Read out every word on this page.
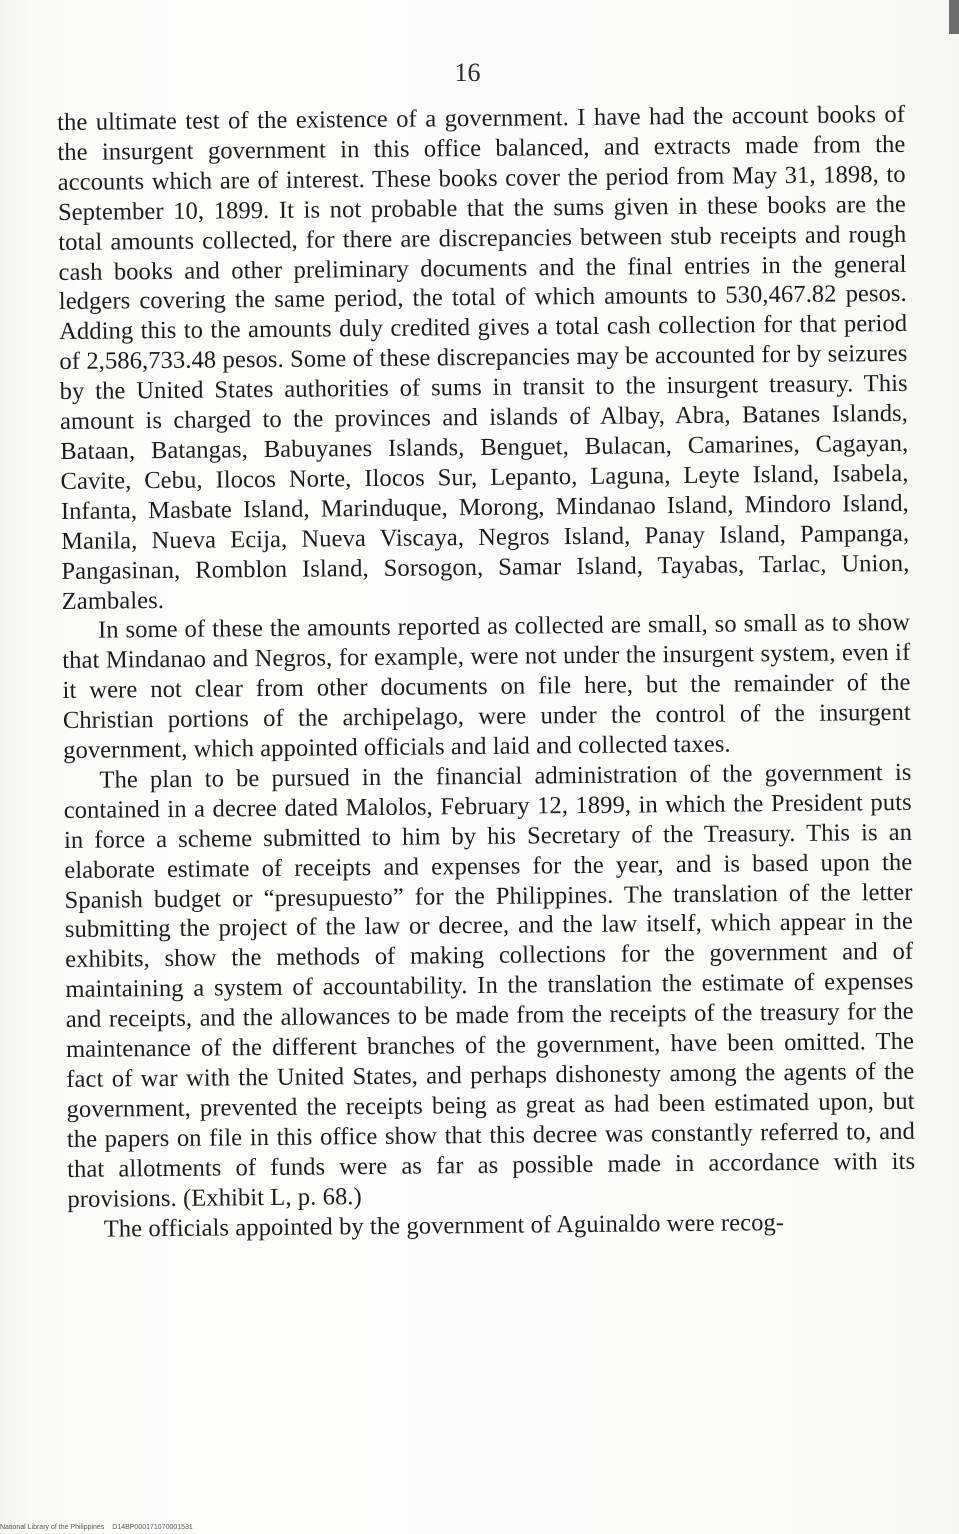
16

the ultimate test of the existence of a government. I have had the account books of the insurgent government in this office balanced, and extracts made from the accounts which are of interest. These books cover the period from May 31, 1898, to September 10, 1899. It is not probable that the sums given in these books are the total amounts collected, for there are discrepancies between stub receipts and rough cash books and other preliminary documents and the final entries in the general ledgers covering the same period, the total of which amounts to 530,467.82 pesos. Adding this to the amounts duly credited gives a total cash collection for that period of 2,586,733.48 pesos. Some of these discrepancies may be accounted for by seizures by the United States authorities of sums in transit to the insurgent treasury. This amount is charged to the provinces and islands of Albay, Abra, Batanes Islands, Bataan, Batangas, Babuyanes Islands, Benguet, Bulacan, Camarines, Cagayan, Cavite, Cebu, Ilocos Norte, Ilocos Sur, Lepanto, Laguna, Leyte Island, Isabela, Infanta, Masbate Island, Marinduque, Morong, Mindanao Island, Mindoro Island, Manila, Nueva Ecija, Nueva Viscaya, Negros Island, Panay Island, Pampanga, Pangasinan, Romblon Island, Sorsogon, Samar Island, Tayabas, Tarlac, Union, Zambales.

In some of these the amounts reported as collected are small, so small as to show that Mindanao and Negros, for example, were not under the insurgent system, even if it were not clear from other documents on file here, but the remainder of the Christian portions of the archipelago, were under the control of the insurgent government, which appointed officials and laid and collected taxes.

The plan to be pursued in the financial administration of the government is contained in a decree dated Malolos, February 12, 1899, in which the President puts in force a scheme submitted to him by his Secretary of the Treasury. This is an elaborate estimate of receipts and expenses for the year, and is based upon the Spanish budget or “presupuesto” for the Philippines. The translation of the letter submitting the project of the law or decree, and the law itself, which appear in the exhibits, show the methods of making collections for the government and of maintaining a system of accountability. In the translation the estimate of expenses and receipts, and the allowances to be made from the receipts of the treasury for the maintenance of the different branches of the government, have been omitted. The fact of war with the United States, and perhaps dishonesty among the agents of the government, prevented the receipts being as great as had been estimated upon, but the papers on file in this office show that this decree was constantly referred to, and that allotments of funds were as far as possible made in accordance with its provisions. (Exhibit L, p. 68.)

The officials appointed by the government of Aguinaldo were recog-

National Library of the Philippines D14BP000171070001531
